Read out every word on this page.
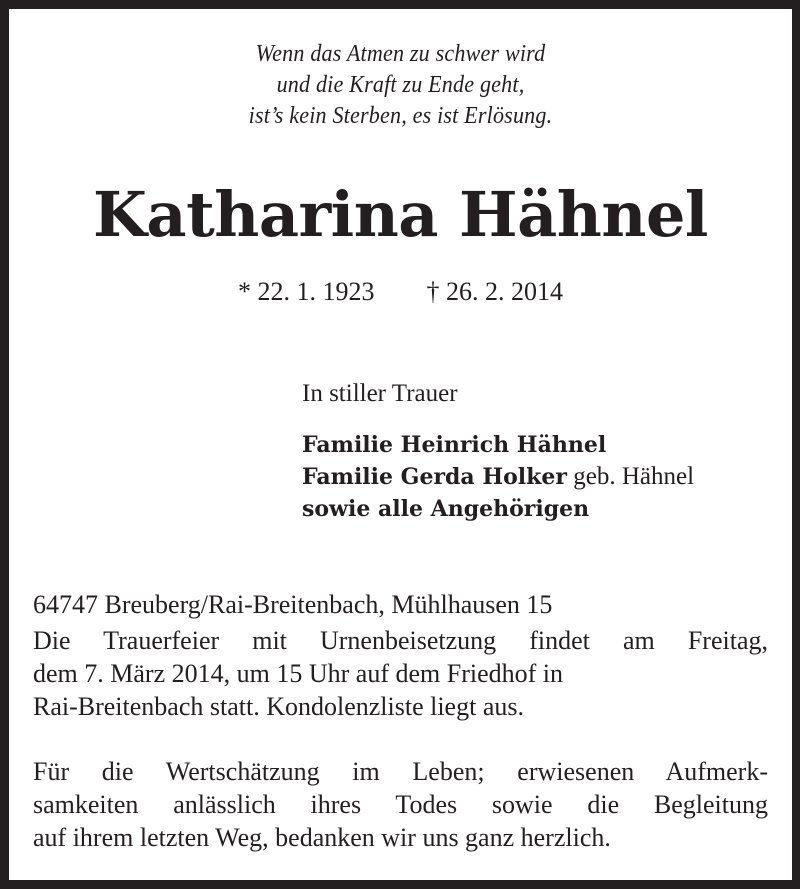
Wenn das Atmen zu schwer wird
und die Kraft zu Ende geht,
ist’s kein Sterben, es ist Erlösung.
Katharina Hähnel
* 22. 1. 1923 † 26. 2. 2014
In stiller Trauer
Familie Heinrich Hähnel
Familie Gerda Holker geb. Hähnel
sowie alle Angehörigen
64747 Breuberg/Rai-Breitenbach, Mühlhausen 15
Die Trauerfeier mit Urnenbeisetzung findet am Freitag,
dem 7. März 2014, um 15 Uhr auf dem Friedhof in
Rai-Breitenbach statt. Kondolenzliste liegt aus.
Für die Wertschätzung im Leben; erwiesenen Aufmerk-
samkeiten anlässlich ihres Todes sowie die Begleitung
auf ihrem letzten Weg, bedanken wir uns ganz herzlich.
